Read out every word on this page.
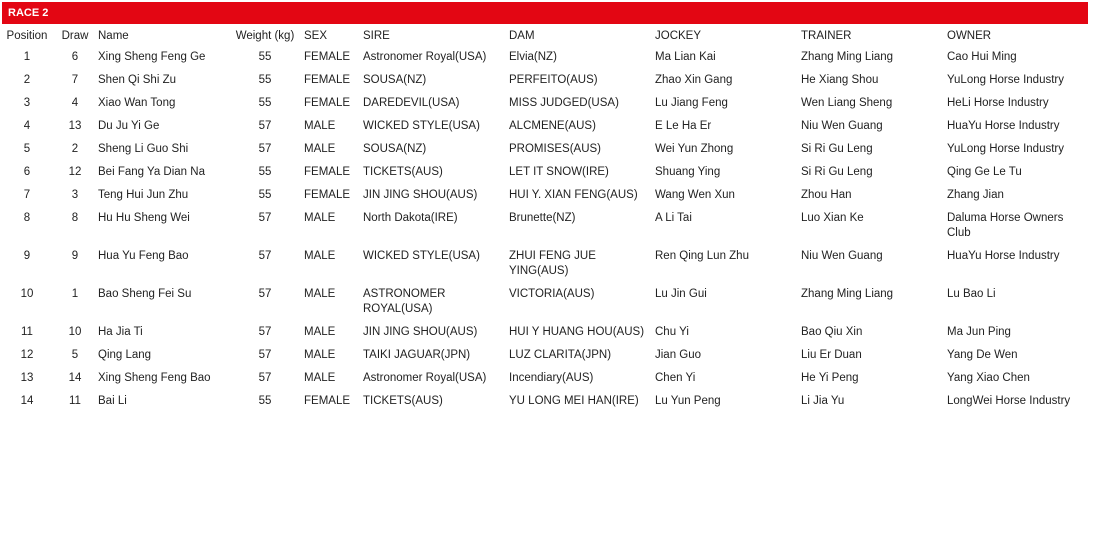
RACE 2
Position	Draw	Name	Weight (kg)	SEX	SIRE	DAM	JOCKEY	TRAINER	OWNER
1	6	Xing Sheng Feng Ge	55	FEMALE	Astronomer Royal(USA)	Elvia(NZ)	Ma Lian Kai	Zhang Ming Liang	Cao Hui Ming
2	7	Shen Qi Shi Zu	55	FEMALE	SOUSA(NZ)	PERFEITO(AUS)	Zhao Xin Gang	He Xiang Shou	YuLong Horse Industry
3	4	Xiao Wan Tong	55	FEMALE	DAREDEVIL(USA)	MISS JUDGED(USA)	Lu Jiang Feng	Wen Liang Sheng	HeLi Horse Industry
4	13	Du Ju Yi Ge	57	MALE	WICKED STYLE(USA)	ALCMENE(AUS)	E Le Ha Er	Niu Wen Guang	HuaYu Horse Industry
5	2	Sheng Li Guo Shi	57	MALE	SOUSA(NZ)	PROMISES(AUS)	Wei Yun Zhong	Si Ri Gu Leng	YuLong Horse Industry
6	12	Bei Fang Ya Dian Na	55	FEMALE	TICKETS(AUS)	LET IT SNOW(IRE)	Shuang Ying	Si Ri Gu Leng	Qing Ge Le Tu
7	3	Teng Hui Jun Zhu	55	FEMALE	JIN JING SHOU(AUS)	HUI Y. XIAN FENG(AUS)	Wang Wen Xun	Zhou Han	Zhang Jian
8	8	Hu Hu Sheng Wei	57	MALE	North Dakota(IRE)	Brunette(NZ)	A Li Tai	Luo Xian Ke	Daluma Horse Owners Club
9	9	Hua Yu Feng Bao	57	MALE	WICKED STYLE(USA)	ZHUI FENG JUE YING(AUS)	Ren Qing Lun Zhu	Niu Wen Guang	HuaYu Horse Industry
10	1	Bao Sheng Fei Su	57	MALE	ASTRONOMER ROYAL(USA)	VICTORIA(AUS)	Lu Jin Gui	Zhang Ming Liang	Lu Bao Li
11	10	Ha Jia Ti	57	MALE	JIN JING SHOU(AUS)	HUI Y HUANG HOU(AUS)	Chu Yi	Bao Qiu Xin	Ma Jun Ping
12	5	Qing Lang	57	MALE	TAIKI JAGUAR(JPN)	LUZ CLARITA(JPN)	Jian Guo	Liu Er Duan	Yang De Wen
13	14	Xing Sheng Feng Bao	57	MALE	Astronomer Royal(USA)	Incendiary(AUS)	Chen Yi	He Yi Peng	Yang Xiao Chen
14	11	Bai Li	55	FEMALE	TICKETS(AUS)	YU LONG MEI HAN(IRE)	Lu Yun Peng	Li Jia Yu	LongWei Horse Industry
